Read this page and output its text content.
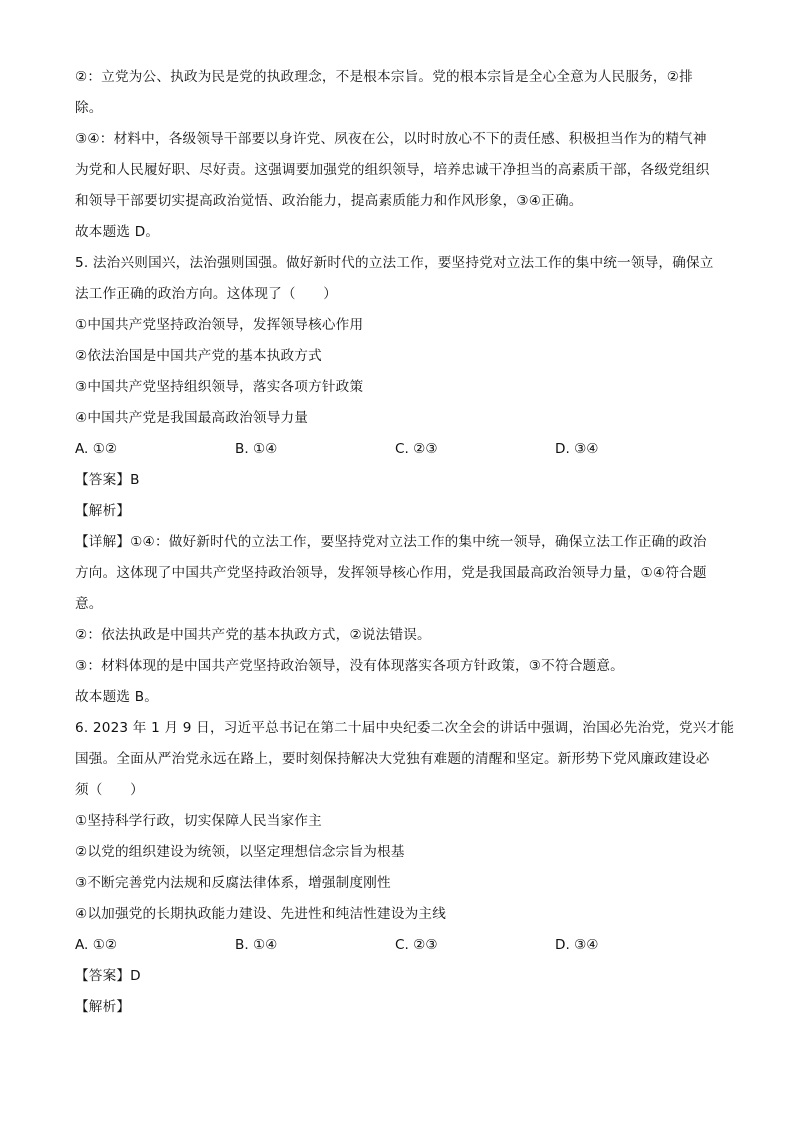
②：立党为公、执政为民是党的执政理念，不是根本宗旨。党的根本宗旨是全心全意为人民服务，②排
除。
③④：材料中，各级领导干部要以身许党、夙夜在公，以时时放心不下的责任感、积极担当作为的精气神
为党和人民履好职、尽好责。这强调要加强党的组织领导，培养忠诚干净担当的高素质干部，各级党组织
和领导干部要切实提高政治觉悟、政治能力，提高素质能力和作风形象，③④正确。
故本题选 D。
5. 法治兴则国兴，法治强则国强。做好新时代的立法工作，要坚持党对立法工作的集中统一领导，确保立
法工作正确的政治方向。这体现了（　　）
①中国共产党坚持政治领导，发挥领导核心作用
②依法治国是中国共产党的基本执政方式
③中国共产党坚持组织领导，落实各项方针政策
④中国共产党是我国最高政治领导力量
A. ①②	B. ①④	C. ②③	D. ③④
【答案】B
【解析】
【详解】①④：做好新时代的立法工作，要坚持党对立法工作的集中统一领导，确保立法工作正确的政治
方向。这体现了中国共产党坚持政治领导，发挥领导核心作用，党是我国最高政治领导力量，①④符合题
意。
②：依法执政是中国共产党的基本执政方式，②说法错误。
③：材料体现的是中国共产党坚持政治领导，没有体现落实各项方针政策，③不符合题意。
故本题选 B。
6. 2023 年 1 月 9 日，习近平总书记在第二十届中央纪委二次全会的讲话中强调，治国必先治党，党兴才能
国强。全面从严治党永远在路上，要时刻保持解决大党独有难题的清醒和坚定。新形势下党风廉政建设必
须（　　）
①坚持科学行政，切实保障人民当家作主
②以党的组织建设为统领，以坚定理想信念宗旨为根基
③不断完善党内法规和反腐法律体系，增强制度刚性
④以加强党的长期执政能力建设、先进性和纯洁性建设为主线
A. ①②	B. ①④	C. ②③	D. ③④
【答案】D
【解析】
